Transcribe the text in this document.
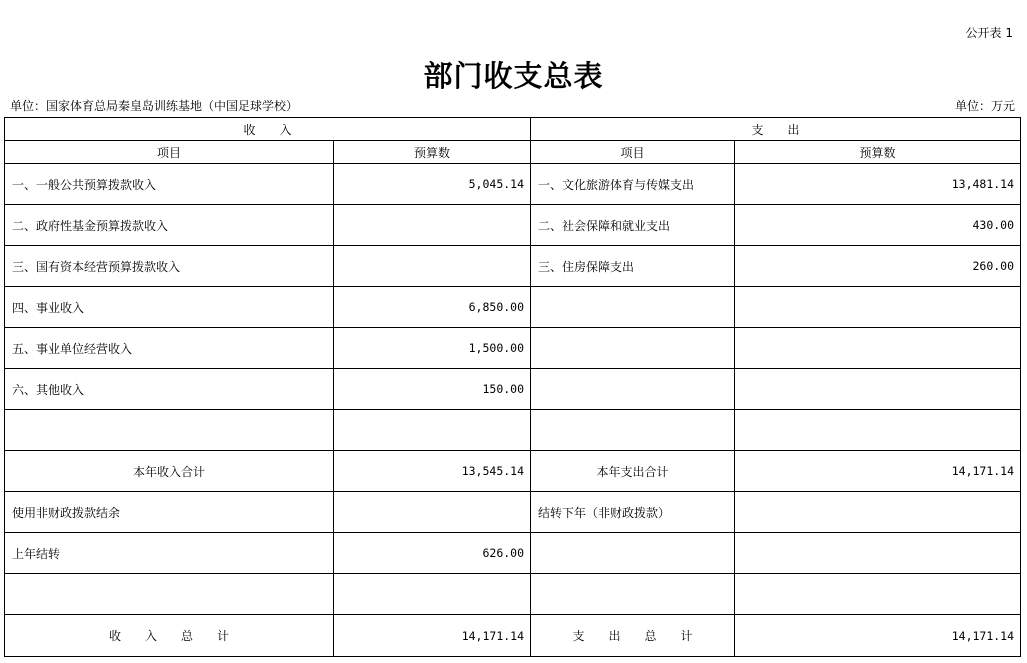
公开表 1
部门收支总表
单位：国家体育总局秦皇岛训练基地（中国足球学校）	单位：万元
收　　入		支　　出	
项目	预算数	项目	预算数
一、一般公共预算拨款收入	5,045.14	一、文化旅游体育与传媒支出	13,481.14
二、政府性基金预算拨款收入		二、社会保障和就业支出	430.00
三、国有资本经营预算拨款收入		三、住房保障支出	260.00
四、事业收入	6,850.00		
五、事业单位经营收入	1,500.00		
六、其他收入	150.00		

本年收入合计	13,545.14	本年支出合计	14,171.14
使用非财政拨款结余		结转下年（非财政拨款）	
上年结转	626.00		

收　　入　　总　　计	14,171.14	支　　出　　总　　计	14,171.14
